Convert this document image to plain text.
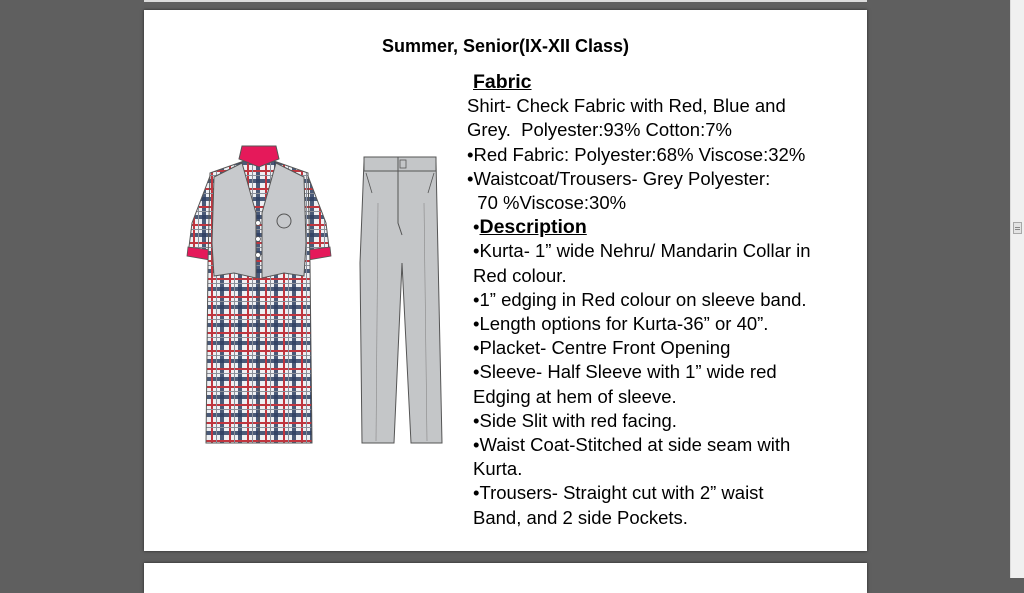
Summer, Senior(IX-XII Class)

Fabric

Shirt- Check Fabric with Red, Blue and

Grey.  Polyester:93% Cotton:7%

•Red Fabric: Polyester:68% Viscose:32%

•Waistcoat/Trousers- Grey Polyester:

70 %Viscose:30%

•Description

•Kurta- 1” wide Nehru/ Mandarin Collar in

Red colour.

•1” edging in Red colour on sleeve band.

•Length options for Kurta-36” or 40”.

•Placket- Centre Front Opening

•Sleeve- Half Sleeve with 1” wide red

Edging at hem of sleeve.

•Side Slit with red facing.

•Waist Coat-Stitched at side seam with

Kurta.

•Trousers- Straight cut with 2” waist

Band, and 2 side Pockets.
